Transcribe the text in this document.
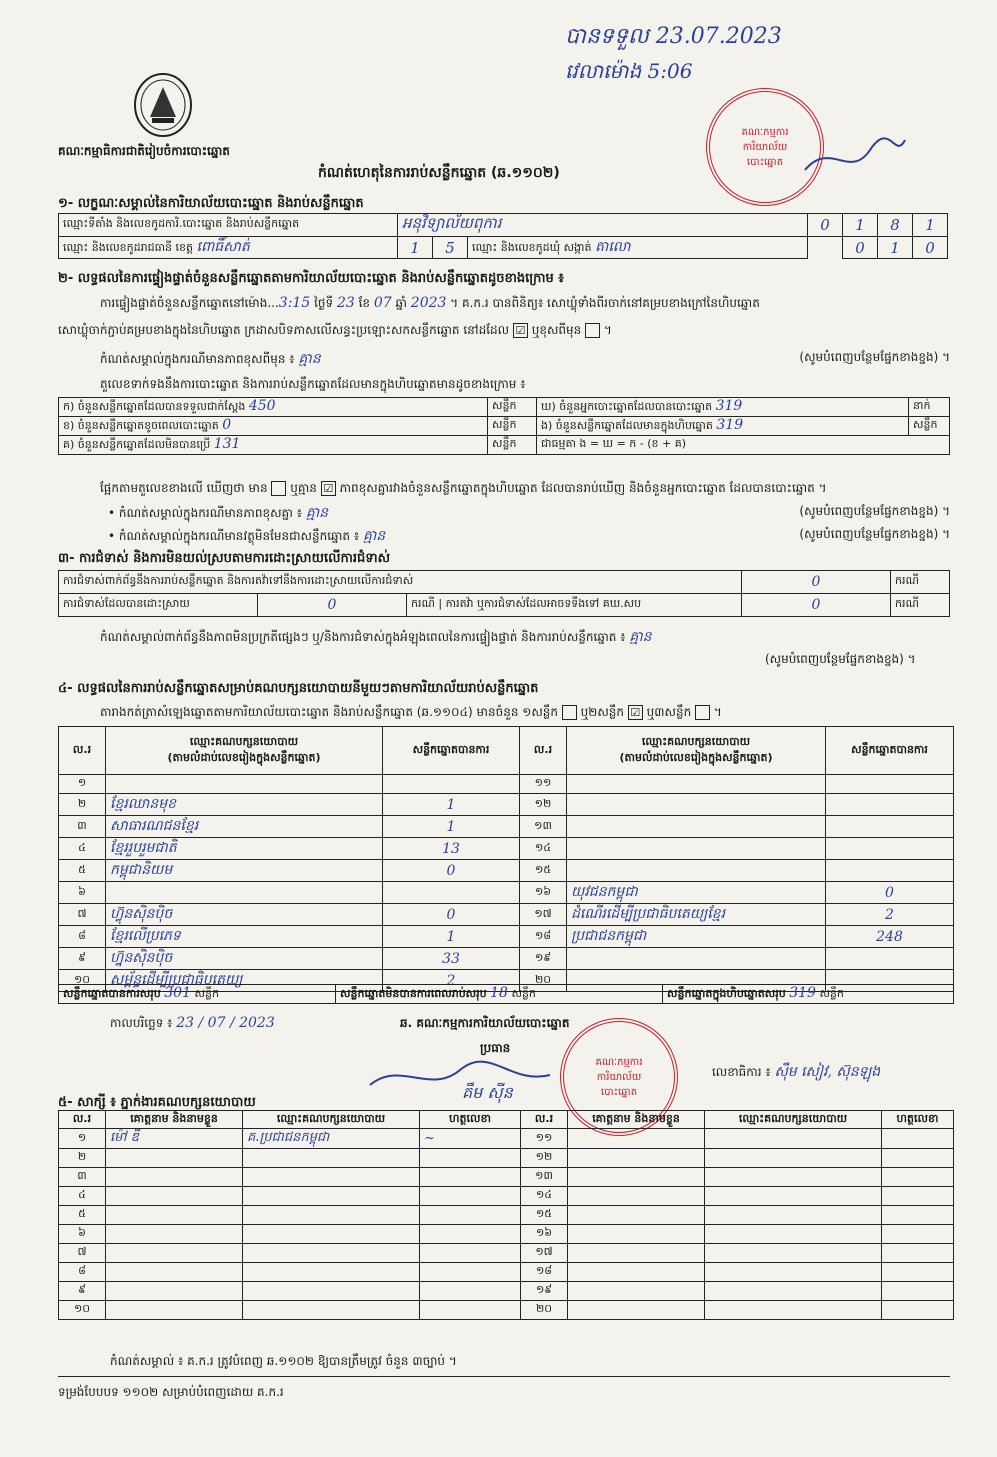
បានទទួល 23.07.2023
វេលាម៉ោង 5:06
គណៈកម្មាធិការជាតិរៀបចំការបោះឆ្នោត
កំណត់ហេតុនៃការរាប់សន្លឹកឆ្នោត (ឆ.១១០២)
គណៈកម្មការការិយាល័យបោះឆ្នោត
១- លក្ខណៈសម្គាល់នៃការិយាល័យបោះឆ្នោត និងរាប់សន្លឹកឆ្នោត
ឈ្មោះទីតាំង និងលេខកូដការិ.បោះឆ្នោត និងរាប់សន្លឹកឆ្នោត	អនុវិទ្យាល័យពុការ			0	1	8	1
ឈ្មោះ និងលេខកូដរាជធានី ខេត្ត ពោធិ៍សាត់	1	5	ឈ្មោះ និងលេខកូដឃុំ សង្កាត់ តាលោ		0	1	0
២- លទ្ធផលនៃការផ្ទៀងផ្ទាត់ចំនួនសន្លឹកឆ្នោតតាមការិយាល័យបោះឆ្នោត និងរាប់សន្លឹកឆ្នោតដូចខាងក្រោម ៖
ការផ្ទៀងផ្ទាត់ចំនួនសន្លឹកឆ្នោតនៅម៉ោង...3:15 ថ្ងៃទី 23 ខែ 07 ឆ្នាំ 2023 ។ គ.ក.រ បានពិនិត្យ៖ សោឃ្លុំទាំងពីរចាក់នៅគម្របខាងក្រៅនៃហិបឆ្នោត
សោឃ្លុំចាក់ភ្ជាប់គម្របខាងក្នុងនៃហិបឆ្នោត ក្រដាសបិទភាសលើសន្ធះប្រឡោះសកសន្លឹកឆ្នោត នៅដដែល ☑ ឬខុសពីមុន  ។
កំណត់សម្គាល់ក្នុងករណីមានភាពខុសពីមុន ៖ គ្មាន	(សូមបំពេញបន្ថែមផ្នែកខាងខ្នង) ។
តួលេខទាក់ទងនឹងការបោះឆ្នោត និងការរាប់សន្លឹកឆ្នោតដែលមានក្នុងហិបឆ្នោតមានដូចខាងក្រោម ៖
ក) ចំនួនសន្លឹកឆ្នោតដែលបានទទួលជាក់ស្តែង 450	សន្លឹក	ឃ) ចំនួនអ្នកបោះឆ្នោតដែលបានបោះឆ្នោត 319	នាក់
ខ) ចំនួនសន្លឹកឆ្នោតខូចពេលបោះឆ្នោត 0	សន្លឹក	ង) ចំនួនសន្លឹកឆ្នោតដែលមានក្នុងហិបឆ្នោត 319	សន្លឹក
គ) ចំនួនសន្លឹកឆ្នោតដែលមិនបានប្រើ 131	សន្លឹក	ជាធម្មតា ង = ឃ = ក - (ខ + គ)	
ផ្អែកតាមតួលេខខាងលើ ឃើញថា មាន ឬគ្មាន ☑ ភាពខុសគ្នារវាងចំនួនសន្លឹកឆ្នោតក្នុងហិបឆ្នោត ដែលបានរាប់ឃើញ និងចំនួនអ្នកបោះឆ្នោត ដែលបានបោះឆ្នោត ។
• កំណត់សម្គាល់ក្នុងករណីមានភាពខុសគ្នា ៖ គ្មាន	(សូមបំពេញបន្ថែមផ្នែកខាងខ្នង) ។
• កំណត់សម្គាល់ក្នុងករណីមានវត្ថុមិនមែនជាសន្លឹកឆ្នោត ៖ គ្មាន	(សូមបំពេញបន្ថែមផ្នែកខាងខ្នង) ។
៣- ការជំទាស់ និងការមិនយល់ស្របតាមការដោះស្រាយលើការជំទាស់
ការជំទាស់ពាក់ព័ន្ធនឹងការរាប់សន្លឹកឆ្នោត និងការតវ៉ាទៅនឹងការដោះស្រាយលើការជំទាស់			0	ករណី
ការជំទាស់ដែលបានដោះស្រាយ	0	ករណី | ការតវ៉ា ឬការជំទាស់ដែលអាចទទឹងទៅ គឃ.សប	0	ករណី
កំណត់សម្គាល់ពាក់ព័ន្ធនឹងភាពមិនប្រក្រតីផ្សេងៗ ឬ/និងការជំទាស់ក្នុងអំឡុងពេលនៃការផ្ទៀងផ្ទាត់ និងការរាប់សន្លឹកឆ្នោត ៖ គ្មាន
(សូមបំពេញបន្ថែមផ្នែកខាងខ្នង) ។
៤- លទ្ធផលនៃការរាប់សន្លឹកឆ្នោតសម្រាប់គណបក្សនយោបាយនីមួយៗតាមការិយាល័យរាប់សន្លឹកឆ្នោត
តារាងកត់ត្រាសំឡេងឆ្នោតតាមការិយាល័យបោះឆ្នោត និងរាប់សន្លឹកឆ្នោត (ឆ.១១០៤) មានចំនួន ១សន្លឹក ឬ២សន្លឹក ☑ ឬ៣សន្លឹក  ។
ល.រ	ឈ្មោះគណបក្សនយោបាយ
(តាមលំដាប់លេខរៀងក្នុងសន្លឹកឆ្នោត)	សន្លឹកឆ្នោតបានការ	ល.រ	ឈ្មោះគណបក្សនយោបាយ
(តាមលំដាប់លេខរៀងក្នុងសន្លឹកឆ្នោត)	សន្លឹកឆ្នោតបានការ
១			១១		
២	ខ្មែរឈានមុខ	1	១២		
៣	សាធារណជនខ្មែរ	1	១៣		
៤	ខ្មែររួបរួមជាតិ	13	១៤		
៥	កម្ពុជានិយម	0	១៥		
៦			១៦	យុវជនកម្ពុជា	0
៧	ហ៊្វុនស៊ិនប៉ិច	0	១៧	ដំណើរដើម្បីប្រជាធិបតេយ្យខ្មែរ	2
៨	ខ្មែរលើប្រភេទ	1	១៨	ប្រជាជនកម្ពុជា	248
៩	ហ្វ៊ុនស៊ិនប៉ិច	33	១៩		
១០	សម្ព័ន្ធដើម្បីប្រជាធិបតេយ្យ	2	២០		
សន្លឹកឆ្នោតបានការសរុប 301 សន្លឹក	សន្លឹកឆ្នោតមិនបានការពេលរាប់សរុប 18 សន្លឹក	សន្លឹកឆ្នោតក្នុងហិបឆ្នោតសរុប 319 សន្លឹក
កាលបរិច្ឆេទ ៖ 23 / 07 / 2023	ឆ. គណៈកម្មការការិយាល័យបោះឆ្នោត
ប្រធាន
គឹម ស៊ីន
គណៈកម្មការការិយាល័យបោះឆ្នោត
លេខាធិការ ៖ ស៊ឹម សៀវ, ស៊ុនឡុង
៥- សាក្សី ៖ ភ្នាក់ងារគណបក្សនយោបាយ
ល.រ	គោត្តនាម និងនាមខ្លួន	ឈ្មោះគណបក្សនយោបាយ	ហត្ថលេខា	ល.រ	គោត្តនាម និងនាមខ្លួន	ឈ្មោះគណបក្សនយោបាយ	ហត្ថលេខា
១	ម៉ៅ ឌី	គ.ប្រជាជនកម្ពុជា	~	១១			
២				១២			
៣				១៣			
៤				១៤			
៥				១៥			
៦				១៦			
៧				១៧			
៨				១៨			
៩				១៩			
១០				២០			
កំណត់សម្គាល់ ៖ គ.ក.រ ត្រូវបំពេញ ឆ.១១០២ ឱ្យបានត្រឹមត្រូវ ចំនួន ៣ច្បាប់ ។
ទម្រង់បែបបទ ១១០២ សម្រាប់បំពេញដោយ គ.ក.រ
